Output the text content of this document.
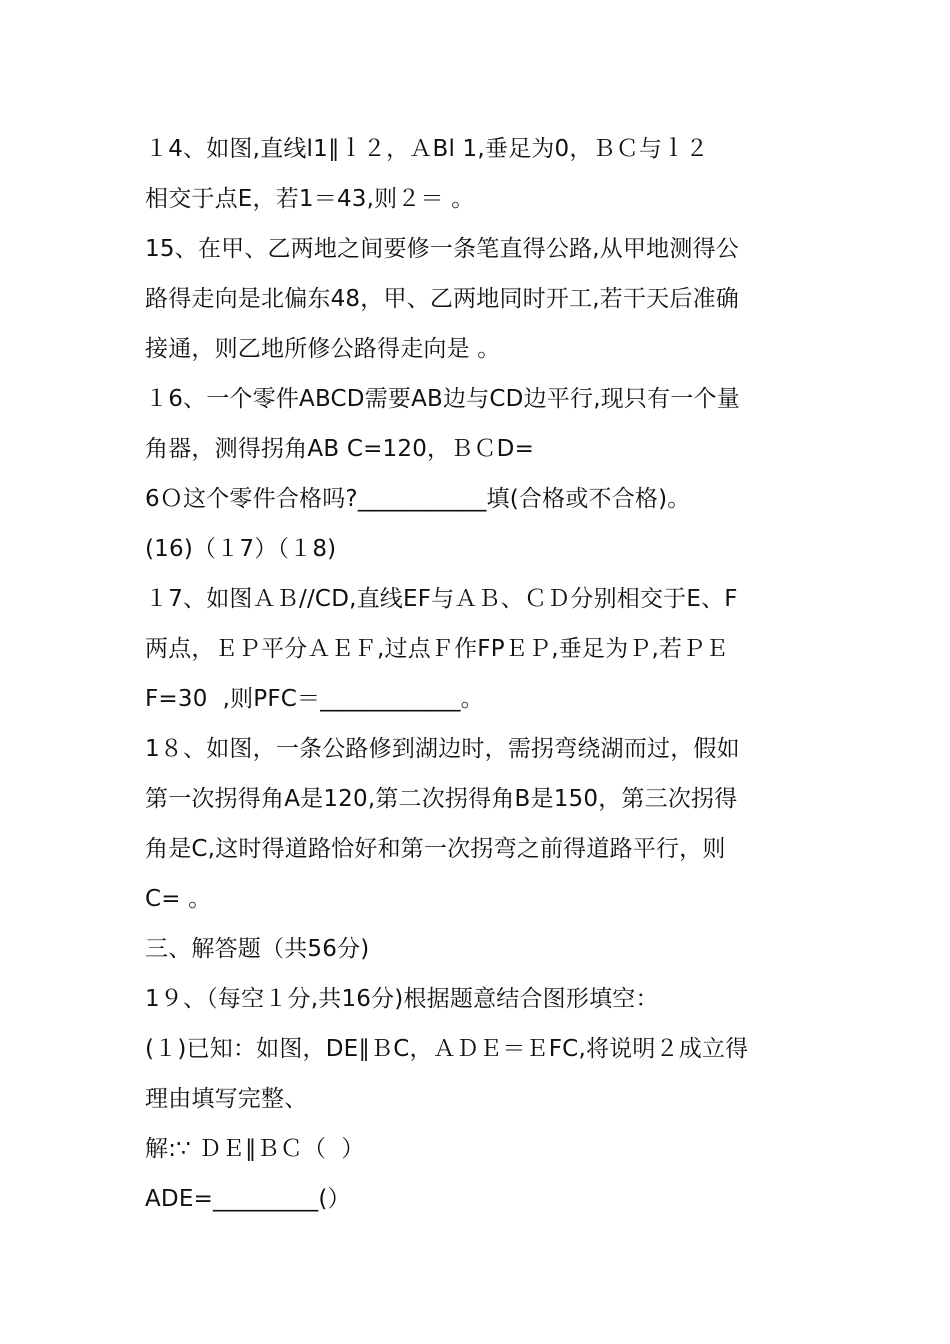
１4、如图,直线l1∥ｌ２，ＡBl 1,垂足为0，ＢＣ与ｌ２
相交于点E，若1＝43,则２＝ 。
15、在甲、乙两地之间要修一条笔直得公路,从甲地测得公
路得走向是北偏东48，甲、乙两地同时开工,若干天后准确
接通，则乙地所修公路得走向是 。
１6、一个零件ABCD需要AB边与CD边平行,现只有一个量
角器，测得拐角AB C=120，ＢＣD=
6Ｏ这个零件合格吗?___________填(合格或不合格)。
(16)（１7）（１8)
１7、如图ＡＢ//CD,直线EF与ＡＢ、ＣＤ分别相交于E、F
两点，ＥＰ平分ＡＥＦ,过点Ｆ作FPＥＰ,垂足为Ｐ,若ＰＥ
F=30  ,则PFC＝____________。
1８、如图，一条公路修到湖边时，需拐弯绕湖而过，假如
第一次拐得角A是120,第二次拐得角B是150，第三次拐得
角是C,这时得道路恰好和第一次拐弯之前得道路平行，则
C= 。
三、解答题（共56分)
1９、（每空１分,共16分)根据题意结合图形填空：
(１)已知：如图，DE∥ＢC，ＡＤＥ＝ＥFC,将说明２成立得
理由填写完整、
解:∵ ＤＥ∥ＢＣ（  ）
ADE=_________(）
